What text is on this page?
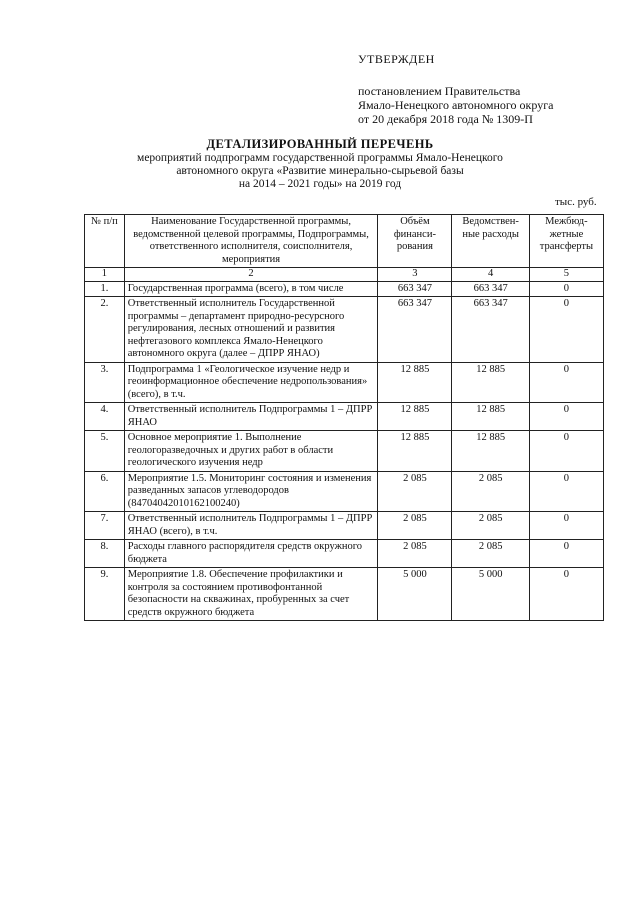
УТВЕРЖДЕН
постановлением Правительства
Ямало-Ненецкого автономного округа
от 20 декабря 2018 года № 1309-П
ДЕТАЛИЗИРОВАННЫЙ ПЕРЕЧЕНЬ
мероприятий подпрограмм государственной программы Ямало-Ненецкого
автономного округа «Развитие минерально-сырьевой базы
на 2014 – 2021 годы» на 2019 год
тыс. руб.
№ п/п	Наименование Государственной программы, ведомственной целевой программы, Подпрограммы, ответственного исполнителя, соисполнителя, мероприятия	Объём финанси-рования	Ведомствен-ные расходы	Межбюд-жетные трансферты
1	2	3	4	5
1.	Государственная программа (всего), в том числе	663 347	663 347	0
2.	Ответственный исполнитель Государственной программы – департамент природно-ресурсного регулирования, лесных отношений и развития нефтегазового комплекса Ямало-Ненецкого автономного округа (далее – ДПРР ЯНАО)	663 347	663 347	0
3.	Подпрограмма 1 «Геологическое изучение недр и геоинформационное обеспечение недропользования» (всего), в т.ч.	12 885	12 885	0
4.	Ответственный исполнитель Подпрограммы 1 – ДПРР ЯНАО	12 885	12 885	0
5.	Основное мероприятие 1. Выполнение геологоразведочных и других работ в области геологического изучения недр	12 885	12 885	0
6.	Мероприятие 1.5. Мониторинг состояния и изменения разведанных запасов углеводородов (84704042010162100240)	2 085	2 085	0
7.	Ответственный исполнитель Подпрограммы 1 – ДПРР ЯНАО (всего), в т.ч.	2 085	2 085	0
8.	Расходы главного распорядителя средств окружного бюджета	2 085	2 085	0
9.	Мероприятие 1.8. Обеспечение профилактики и контроля за состоянием противофонтанной безопасности на скважинах, пробуренных за счет средств окружного бюджета	5 000	5 000	0
